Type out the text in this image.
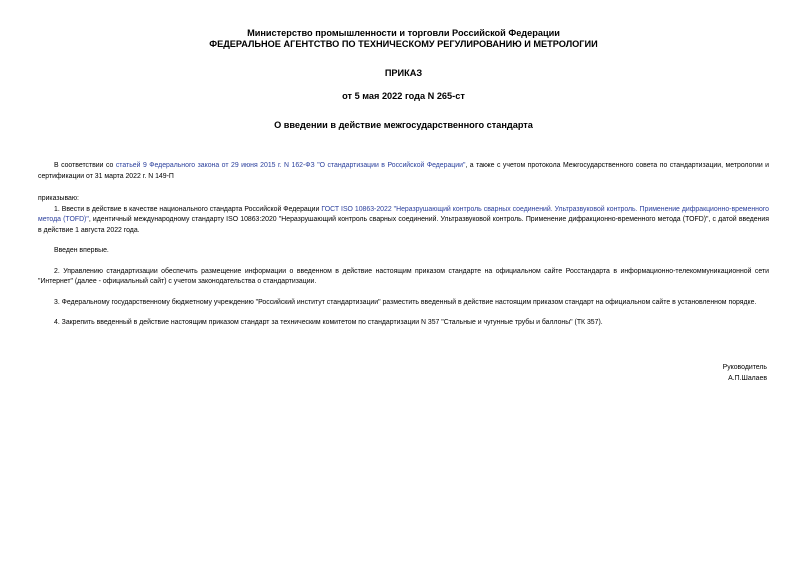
Министерство промышленности и торговли Российской Федерации
ФЕДЕРАЛЬНОЕ АГЕНТСТВО ПО ТЕХНИЧЕСКОМУ РЕГУЛИРОВАНИЮ И МЕТРОЛОГИИ
ПРИКАЗ
от 5 мая 2022 года N 265-ст
О введении в действие межгосударственного стандарта

В соответствии со статьей 9 Федерального закона от 29 июня 2015 г. N 162-ФЗ "О стандартизации в Российской Федерации", а также с учетом протокола Межгосударственного совета по стандартизации, метрологии и сертификации от 31 марта 2022 г. N 149-П

приказываю:

1. Ввести в действие в качестве национального стандарта Российской Федерации ГОСТ ISO 10863-2022 "Неразрушающий контроль сварных соединений. Ультразвуковой контроль. Применение дифракционно-временного метода (TOFD)", идентичный международному стандарту ISO 10863:2020 "Неразрушающий контроль сварных соединений. Ультразвуковой контроль. Применение дифракционно-временного метода (TOFD)", с датой введения в действие 1 августа 2022 года.

Введен впервые.

2. Управлению стандартизации обеспечить размещение информации о введенном в действие настоящим приказом стандарте на официальном сайте Росстандарта в информационно-телекоммуникационной сети "Интернет" (далее - официальный сайт) с учетом законодательства о стандартизации.

3. Федеральному государственному бюджетному учреждению "Российский институт стандартизации" разместить введенный в действие настоящим приказом стандарт на официальном сайте в установленном порядке.

4. Закрепить введенный в действие настоящим приказом стандарт за техническим комитетом по стандартизации N 357 "Стальные и чугунные трубы и баллоны" (ТК 357).

Руководитель
А.П.Шалаев
